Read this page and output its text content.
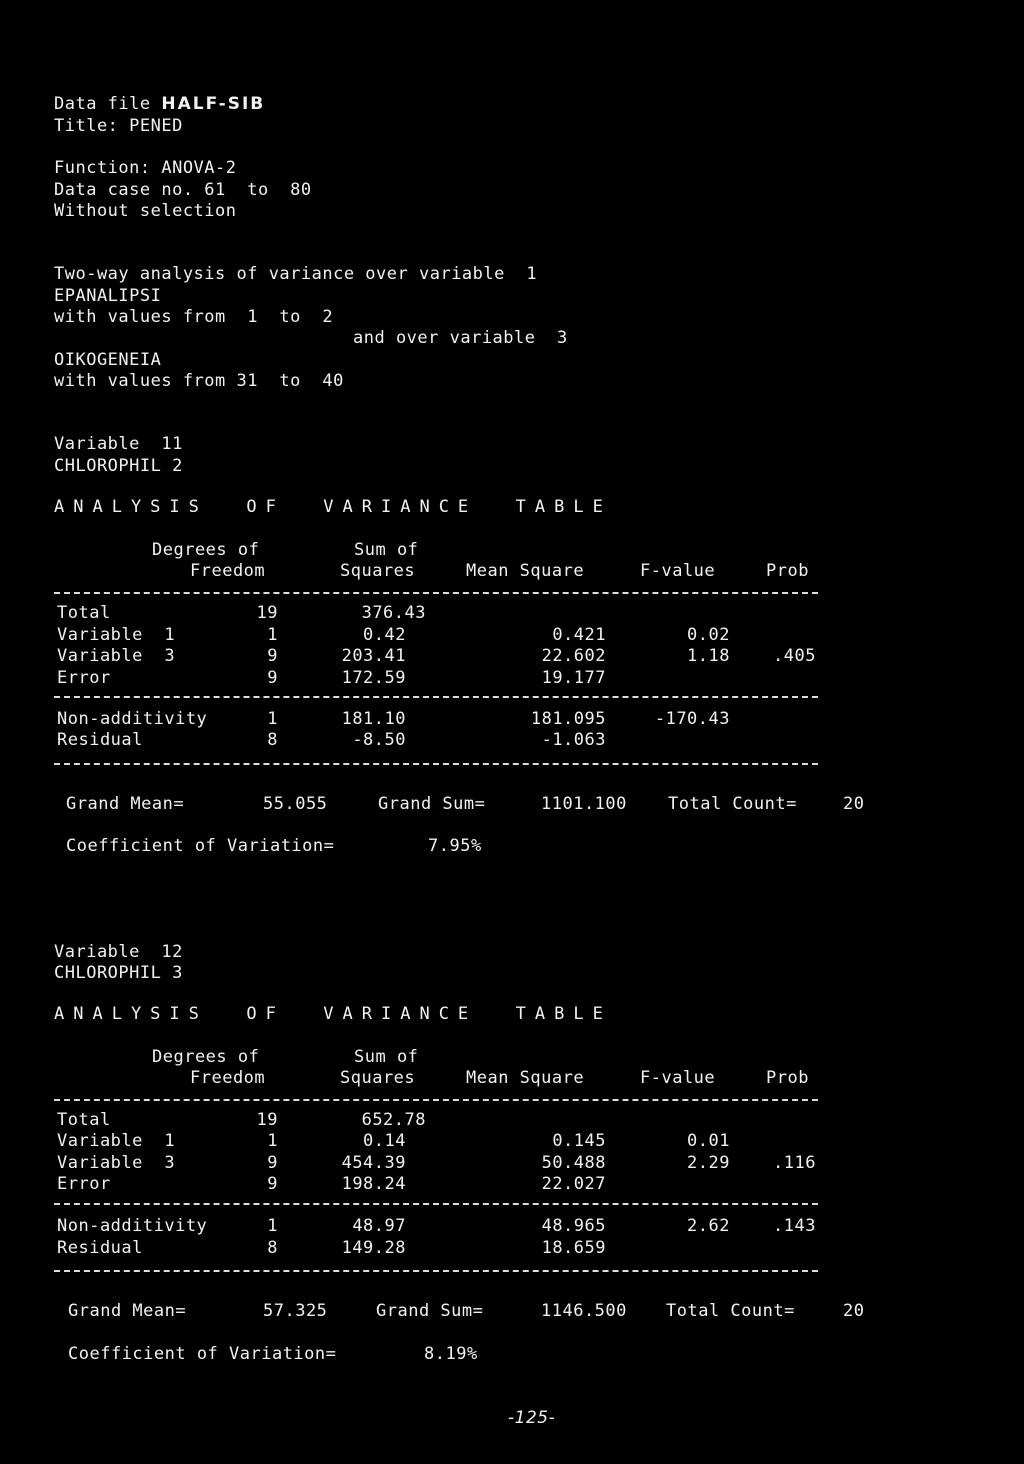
Data file HALF-SIB
Title: PENED
Function: ANOVA-2
Data case no. 61  to  80
Without selection
Two-way analysis of variance over variable  1
EPANALIPSI
with values from  1  to  2
and over variable  3
OIKOGENEIA
with values from 31  to  40
Variable  11
CHLOROPHIL 2
ANALYSIS  OF  VARIANCE  TABLE
Degrees of
Freedom
Sum of
Squares	Mean Square	F-value	Prob
Total	19	376.43
Variable  1	1	0.42	0.421	0.02
Variable  3	9	203.41	22.602	1.18	.405
Error	9	172.59	19.177
Non-additivity	1	181.10	181.095	-170.43
Residual	8	-8.50	-1.063
Grand Mean=	55.055	Grand Sum=	1101.100 Total Count=	20
Coefficient of Variation=	7.95%
Variable  12
CHLOROPHIL 3
ANALYSIS  OF  VARIANCE  TABLE
Degrees of
Freedom
Sum of
Squares	Mean Square	F-value	Prob
Total	19	652.78
Variable  1	1	0.14	0.145	0.01
Variable  3	9	454.39	50.488	2.29	.116
Error	9	198.24	22.027
Non-additivity	1	48.97	48.965	2.62	.143
Residual	8	149.28	18.659
Grand Mean=	57.325	Grand Sum=	1146.500 Total Count=	20
Coefficient of Variation=	8.19%
-125-
